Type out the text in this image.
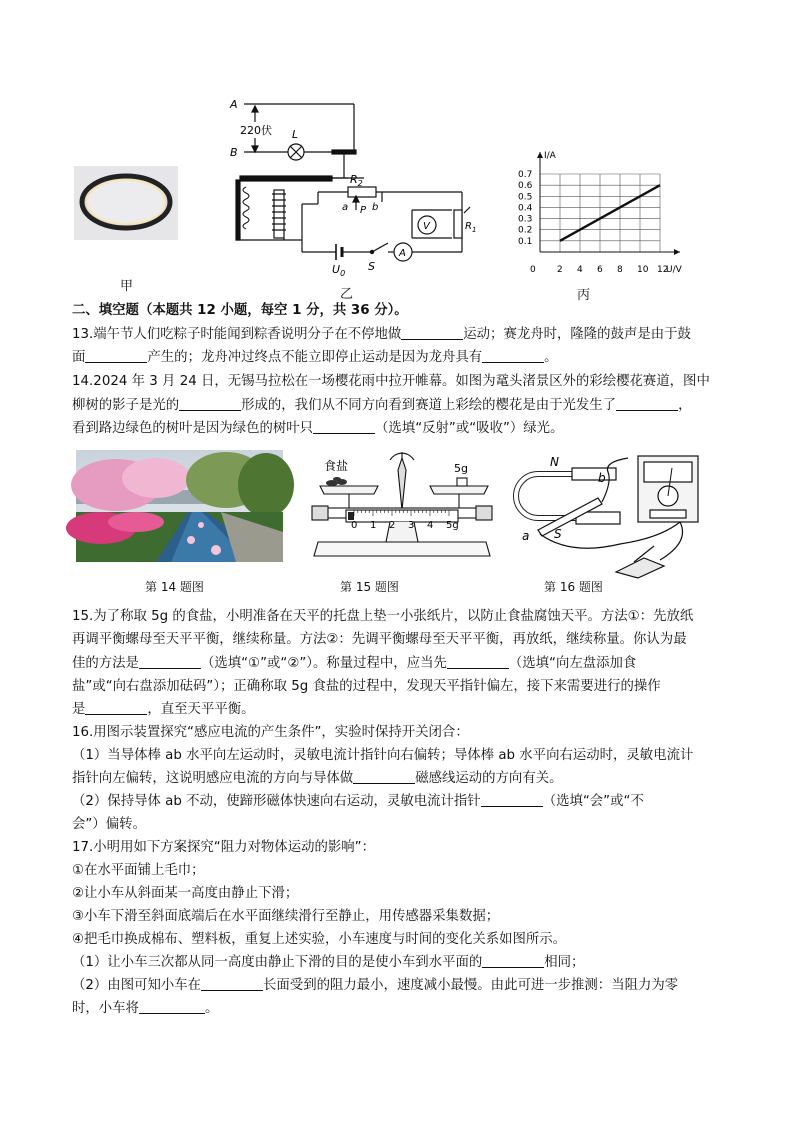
甲
A
B
220伏 L
$R_2$
a P b
V	$R_1$
$U_0$
S
A
乙
0 2 4 6 8 10 12
0.1
0.2
0.3
0.4
0.5
0.6
0.7
I/A
U/V
丙
二、填空题（本题共 12 小题，每空 1 分，共 36 分）。
13.端午节人们吃粽子时能闻到粽香说明分子在不停地做	运动；赛龙舟时，隆隆的鼓声是由于鼓
面	产生的；龙舟冲过终点不能立即停止运动是因为龙舟具有	。
14.2024 年 3 月 24 日，无锡马拉松在一场樱花雨中拉开帷幕。如图为鼋头渚景区外的彩绘樱花赛道，图中
柳树的影子是光的	形成的，我们从不同方向看到赛道上彩绘的樱花是由于光发生了	，
看到路边绿色的树叶是因为绿色的树叶只	（选填“反射”或“吸收”）绿光。
食盐	5g
0 1 2 3 4 5g
N
S
a
b
第 14 题图	第 15 题图	第 16 题图
15.为了称取 5g 的食盐，小明准备在天平的托盘上垫一小张纸片，以防止食盐腐蚀天平。方法①：先放纸
再调平衡螺母至天平平衡，继续称量。方法②：先调平衡螺母至天平平衡，再放纸，继续称量。你认为最
佳的方法是	（选填“①”或“②”）。称量过程中，应当先	（选填“向左盘添加食
盐”或“向右盘添加砝码”）；正确称取 5g 食盐的过程中，发现天平指针偏左，接下来需要进行的操作
是	，直至天平平衡。
16.用图示装置探究“感应电流的产生条件”，实验时保持开关闭合：
（1）当导体棒 ab 水平向左运动时，灵敏电流计指针向右偏转；导体棒 ab 水平向右运动时，灵敏电流计
指针向左偏转，这说明感应电流的方向与导体做	磁感线运动的方向有关。
（2）保持导体 ab 不动，使蹄形磁体快速向右运动，灵敏电流计指针	（选填“会”或“不
会”）偏转。
17.小明用如下方案探究“阻力对物体运动的影响”：
①在水平面铺上毛巾；
②让小车从斜面某一高度由静止下滑；
③小车下滑至斜面底端后在水平面继续滑行至静止，用传感器采集数据；
④把毛巾换成棉布、塑料板，重复上述实验，小车速度与时间的变化关系如图所示。
（1）让小车三次都从同一高度由静止下滑的目的是使小车到水平面的	相同；
（2）由图可知小车在	长面受到的阻力最小，速度减小最慢。由此可进一步推测：当阻力为零
时，小车将	。
